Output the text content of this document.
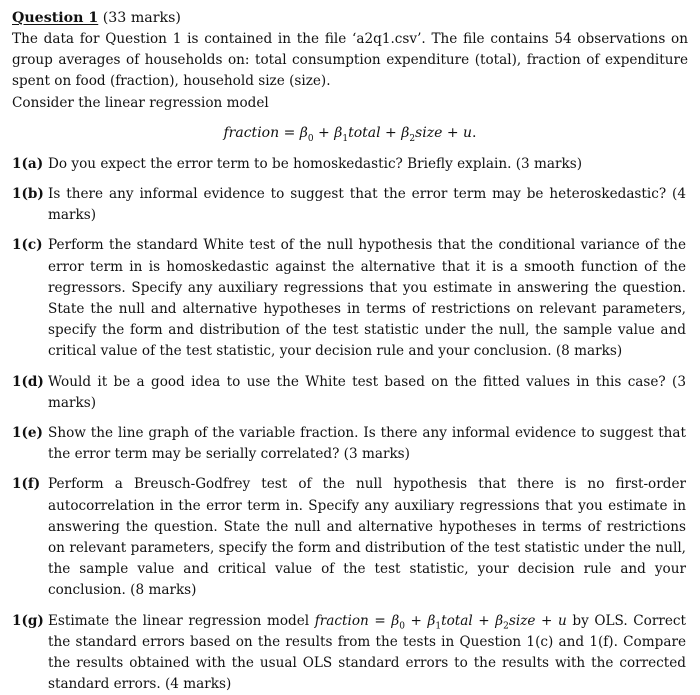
Question 1 (33 marks)

The data for Question 1 is contained in the file ‘a2q1.csv’. The file contains 54 observations on group averages of households on: total consumption expenditure (total), fraction of expenditure spent on food (fraction), household size (size).

Consider the linear regression model

fraction = $\beta_0$ + $\beta_1total$ + $\beta_2size + u$.
1(a) Do you expect the error term to be homoskedastic? Briefly explain. (3 marks)
1(b) Is there any informal evidence to suggest that the error term may be heteroskedastic? (4 marks)
1(c) Perform the standard White test of the null hypothesis that the conditional variance of the error term in is homoskedastic against the alternative that it is a smooth function of the regressors. Specify any auxiliary regressions that you estimate in answering the question. State the null and alternative hypotheses in terms of restrictions on relevant parameters, specify the form and distribution of the test statistic under the null, the sample value and critical value of the test statistic, your decision rule and your conclusion. (8 marks)
1(d) Would it be a good idea to use the White test based on the fitted values in this case? (3 marks)
1(e) Show the line graph of the variable fraction. Is there any informal evidence to suggest that the error term may be serially correlated? (3 marks)
1(f) Perform a Breusch-Godfrey test of the null hypothesis that there is no first-order autocorrelation in the error term in. Specify any auxiliary regressions that you estimate in answering the question. State the null and alternative hypotheses in terms of restrictions on relevant parameters, specify the form and distribution of the test statistic under the null, the sample value and critical value of the test statistic, your decision rule and your conclusion. (8 marks)
1(g) Estimate the linear regression model fraction = $\beta_0$ + $\beta_1total$ + $\beta_2size + u$ by OLS. Correct the standard errors based on the results from the tests in Question 1(c) and 1(f). Compare the results obtained with the usual OLS standard errors to the results with the corrected standard errors. (4 marks)
